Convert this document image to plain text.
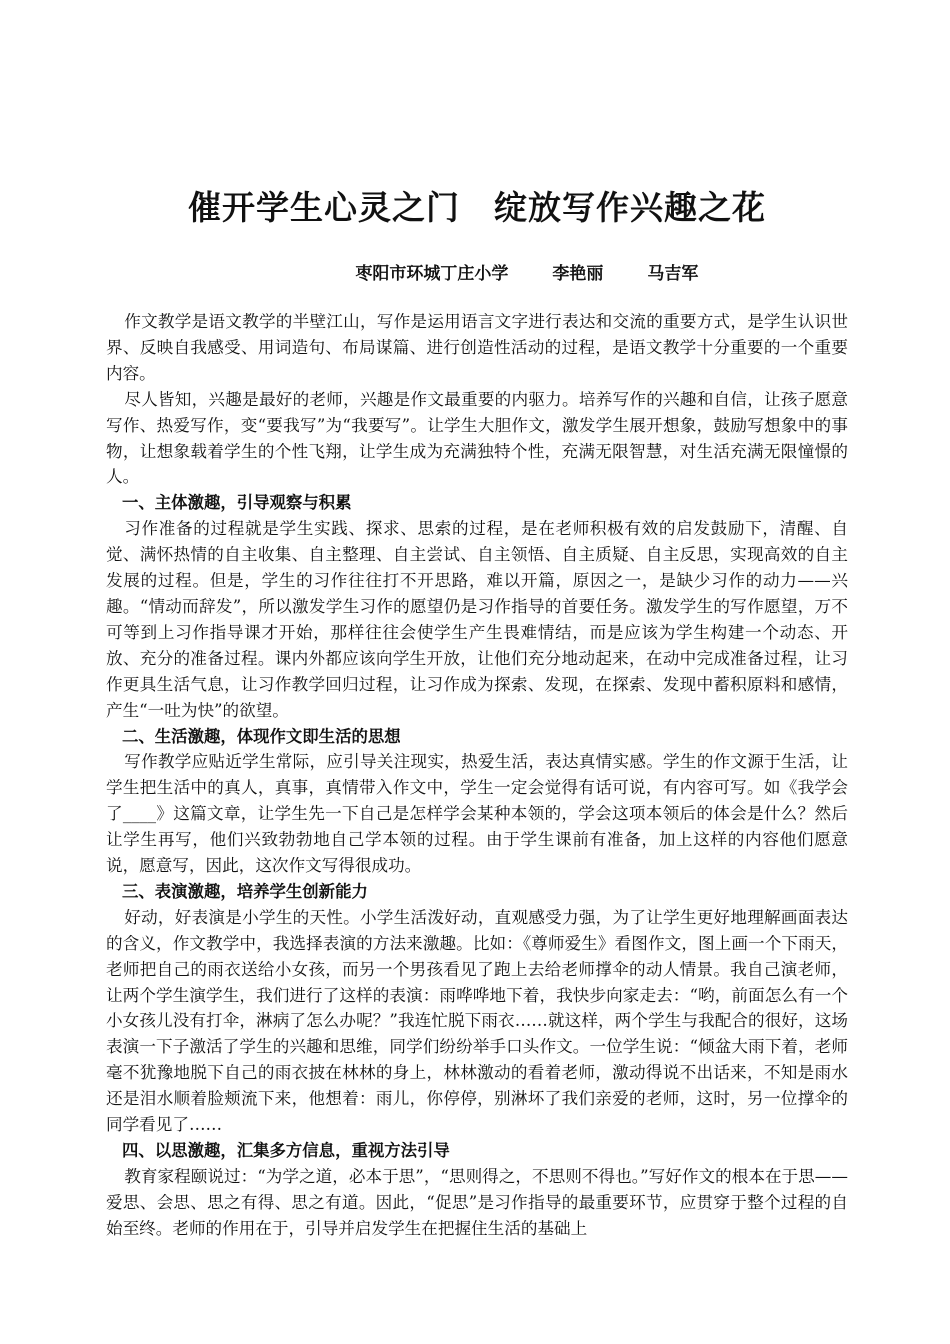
催开学生心灵之门　绽放写作兴趣之花

枣阳市环城丁庄小学	李艳丽	马吉军

作文教学是语文教学的半壁江山，写作是运用语言文字进行表达和交流的重要方式，是学生认识世界、反映自我感受、用词造句、布局谋篇、进行创造性活动的过程，是语文教学十分重要的一个重要内容。

尽人皆知，兴趣是最好的老师，兴趣是作文最重要的内驱力。培养写作的兴趣和自信，让孩子愿意写作、热爱写作，变“要我写”为“我要写”。让学生大胆作文，激发学生展开想象，鼓励写想象中的事物，让想象载着学生的个性飞翔，让学生成为充满独特个性，充满无限智慧，对生活充满无限憧憬的人。

一、主体激趣，引导观察与积累

习作准备的过程就是学生实践、探求、思索的过程，是在老师积极有效的启发鼓励下，清醒、自觉、满怀热情的自主收集、自主整理、自主尝试、自主领悟、自主质疑、自主反思，实现高效的自主发展的过程。但是，学生的习作往往打不开思路，难以开篇，原因之一，是缺少习作的动力——兴趣。“情动而辞发”，所以激发学生习作的愿望仍是习作指导的首要任务。激发学生的写作愿望，万不可等到上习作指导课才开始，那样往往会使学生产生畏难情结，而是应该为学生构建一个动态、开放、充分的准备过程。课内外都应该向学生开放，让他们充分地动起来，在动中完成准备过程，让习作更具生活气息，让习作教学回归过程，让习作成为探索、发现，在探索、发现中蓄积原料和感情，产生“一吐为快”的欲望。

二、生活激趣，体现作文即生活的思想

写作教学应贴近学生常际，应引导关注现实，热爱生活，表达真情实感。学生的作文源于生活，让学生把生活中的真人，真事，真情带入作文中，学生一定会觉得有话可说，有内容可写。如《我学会了____》这篇文章，让学生先一下自己是怎样学会某种本领的，学会这项本领后的体会是什么？然后让学生再写，他们兴致勃勃地自己学本领的过程。由于学生课前有准备，加上这样的内容他们愿意说，愿意写，因此，这次作文写得很成功。

三、表演激趣，培养学生创新能力

好动，好表演是小学生的天性。小学生活泼好动，直观感受力强，为了让学生更好地理解画面表达的含义，作文教学中，我选择表演的方法来激趣。比如：《尊师爱生》看图作文，图上画一个下雨天，老师把自己的雨衣送给小女孩，而另一个男孩看见了跑上去给老师撑伞的动人情景。我自己演老师，让两个学生演学生，我们进行了这样的表演：雨哗哗地下着，我快步向家走去：“哟，前面怎么有一个小女孩儿没有打伞，淋病了怎么办呢？”我连忙脱下雨衣……就这样，两个学生与我配合的很好，这场表演一下子激活了学生的兴趣和思维，同学们纷纷举手口头作文。一位学生说：“倾盆大雨下着，老师毫不犹豫地脱下自己的雨衣披在林林的身上，林林激动的看着老师，激动得说不出话来，不知是雨水还是泪水顺着脸颊流下来，他想着：雨儿，你停停，别淋坏了我们亲爱的老师，这时，另一位撑伞的同学看见了……

四、以思激趣，汇集多方信息，重视方法引导

教育家程颐说过：“为学之道，必本于思”，“思则得之，不思则不得也。”写好作文的根本在于思——爱思、会思、思之有得、思之有道。因此，“促思”是习作指导的最重要环节，应贯穿于整个过程的自始至终。老师的作用在于，引导并启发学生在把握住生活的基础上
